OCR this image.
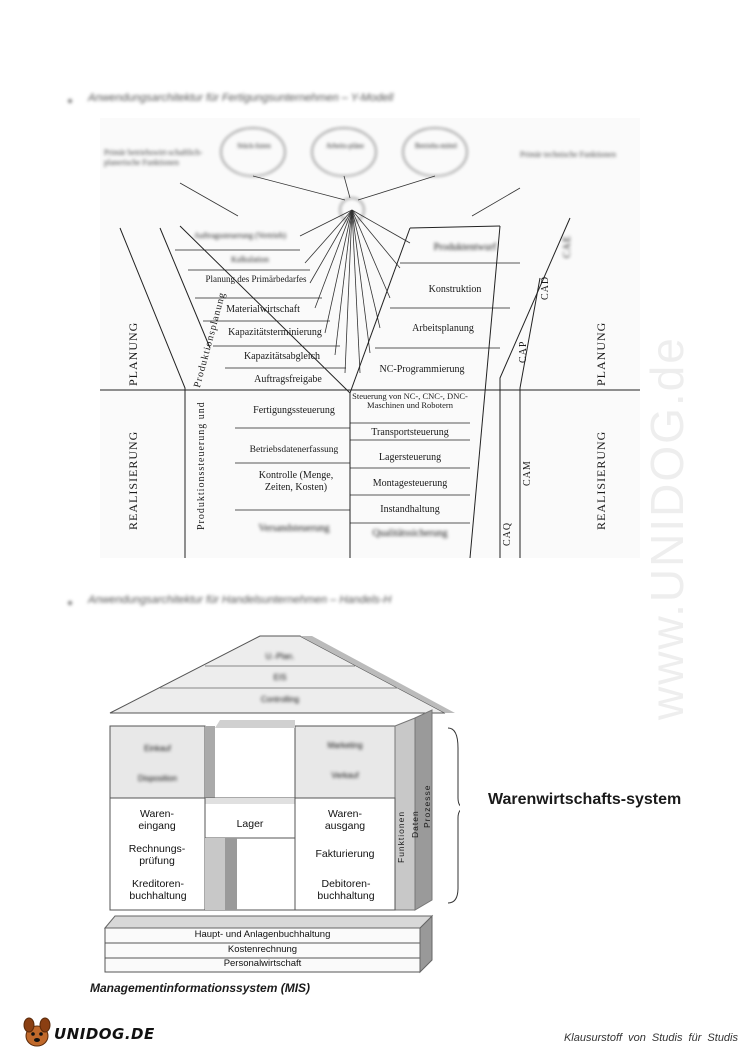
www.UNIDOG.de
Anwendungsarchitektur für Fertigungsunternehmen – Y-Modell
Primär betriebswirt-schaftlich-planerische Funktionen
Primär technische Funktionen
Stück-listen	Arbeits-pläne	Betriebs-mittel
Auftragssteuerung (Vertrieb)
Kalkulation
Planung des Primärbedarfes
Materialwirtschaft
Kapazitätsterminierung
Kapazitätsabgleich
Auftragsfreigabe
Produktentwurf
Konstruktion
Arbeitsplanung
NC-Programmierung
Fertigungssteuerung
Betriebsdatenerfassung
Kontrolle (Menge, Zeiten, Kosten)
Versandsteuerung
Steuerung von NC-, CNC-, DNC-Maschinen und Robotern
Transportsteuerung
Lagersteuerung
Montagesteuerung
Instandhaltung
Qualitätssicherung
Produktionsplanung
Produktionssteuerung und
CAE
CAD
CAP
CAM
CAQ
PLANUNG
REALISIERUNG
PLANUNG
REALISIERUNG
Anwendungsarchitektur für Handelsunternehmen – Handels-H
U.-Plan.
EIS
Controlling
Einkauf
Disposition
Marketing
Verkauf
Waren-eingang
Rechnungs-prüfung
Kreditoren-buchhaltung
Lager
Waren-ausgang
Fakturierung
Debitoren-buchhaltung
Funktionen Daten Prozesse
Haupt- und Anlagenbuchhaltung
Kostenrechnung
Personalwirtschaft
Warenwirtschafts-system
Managementinformationssystem (MIS)
UNIDOG.DE	Klausurstoff von Studis für Studis
